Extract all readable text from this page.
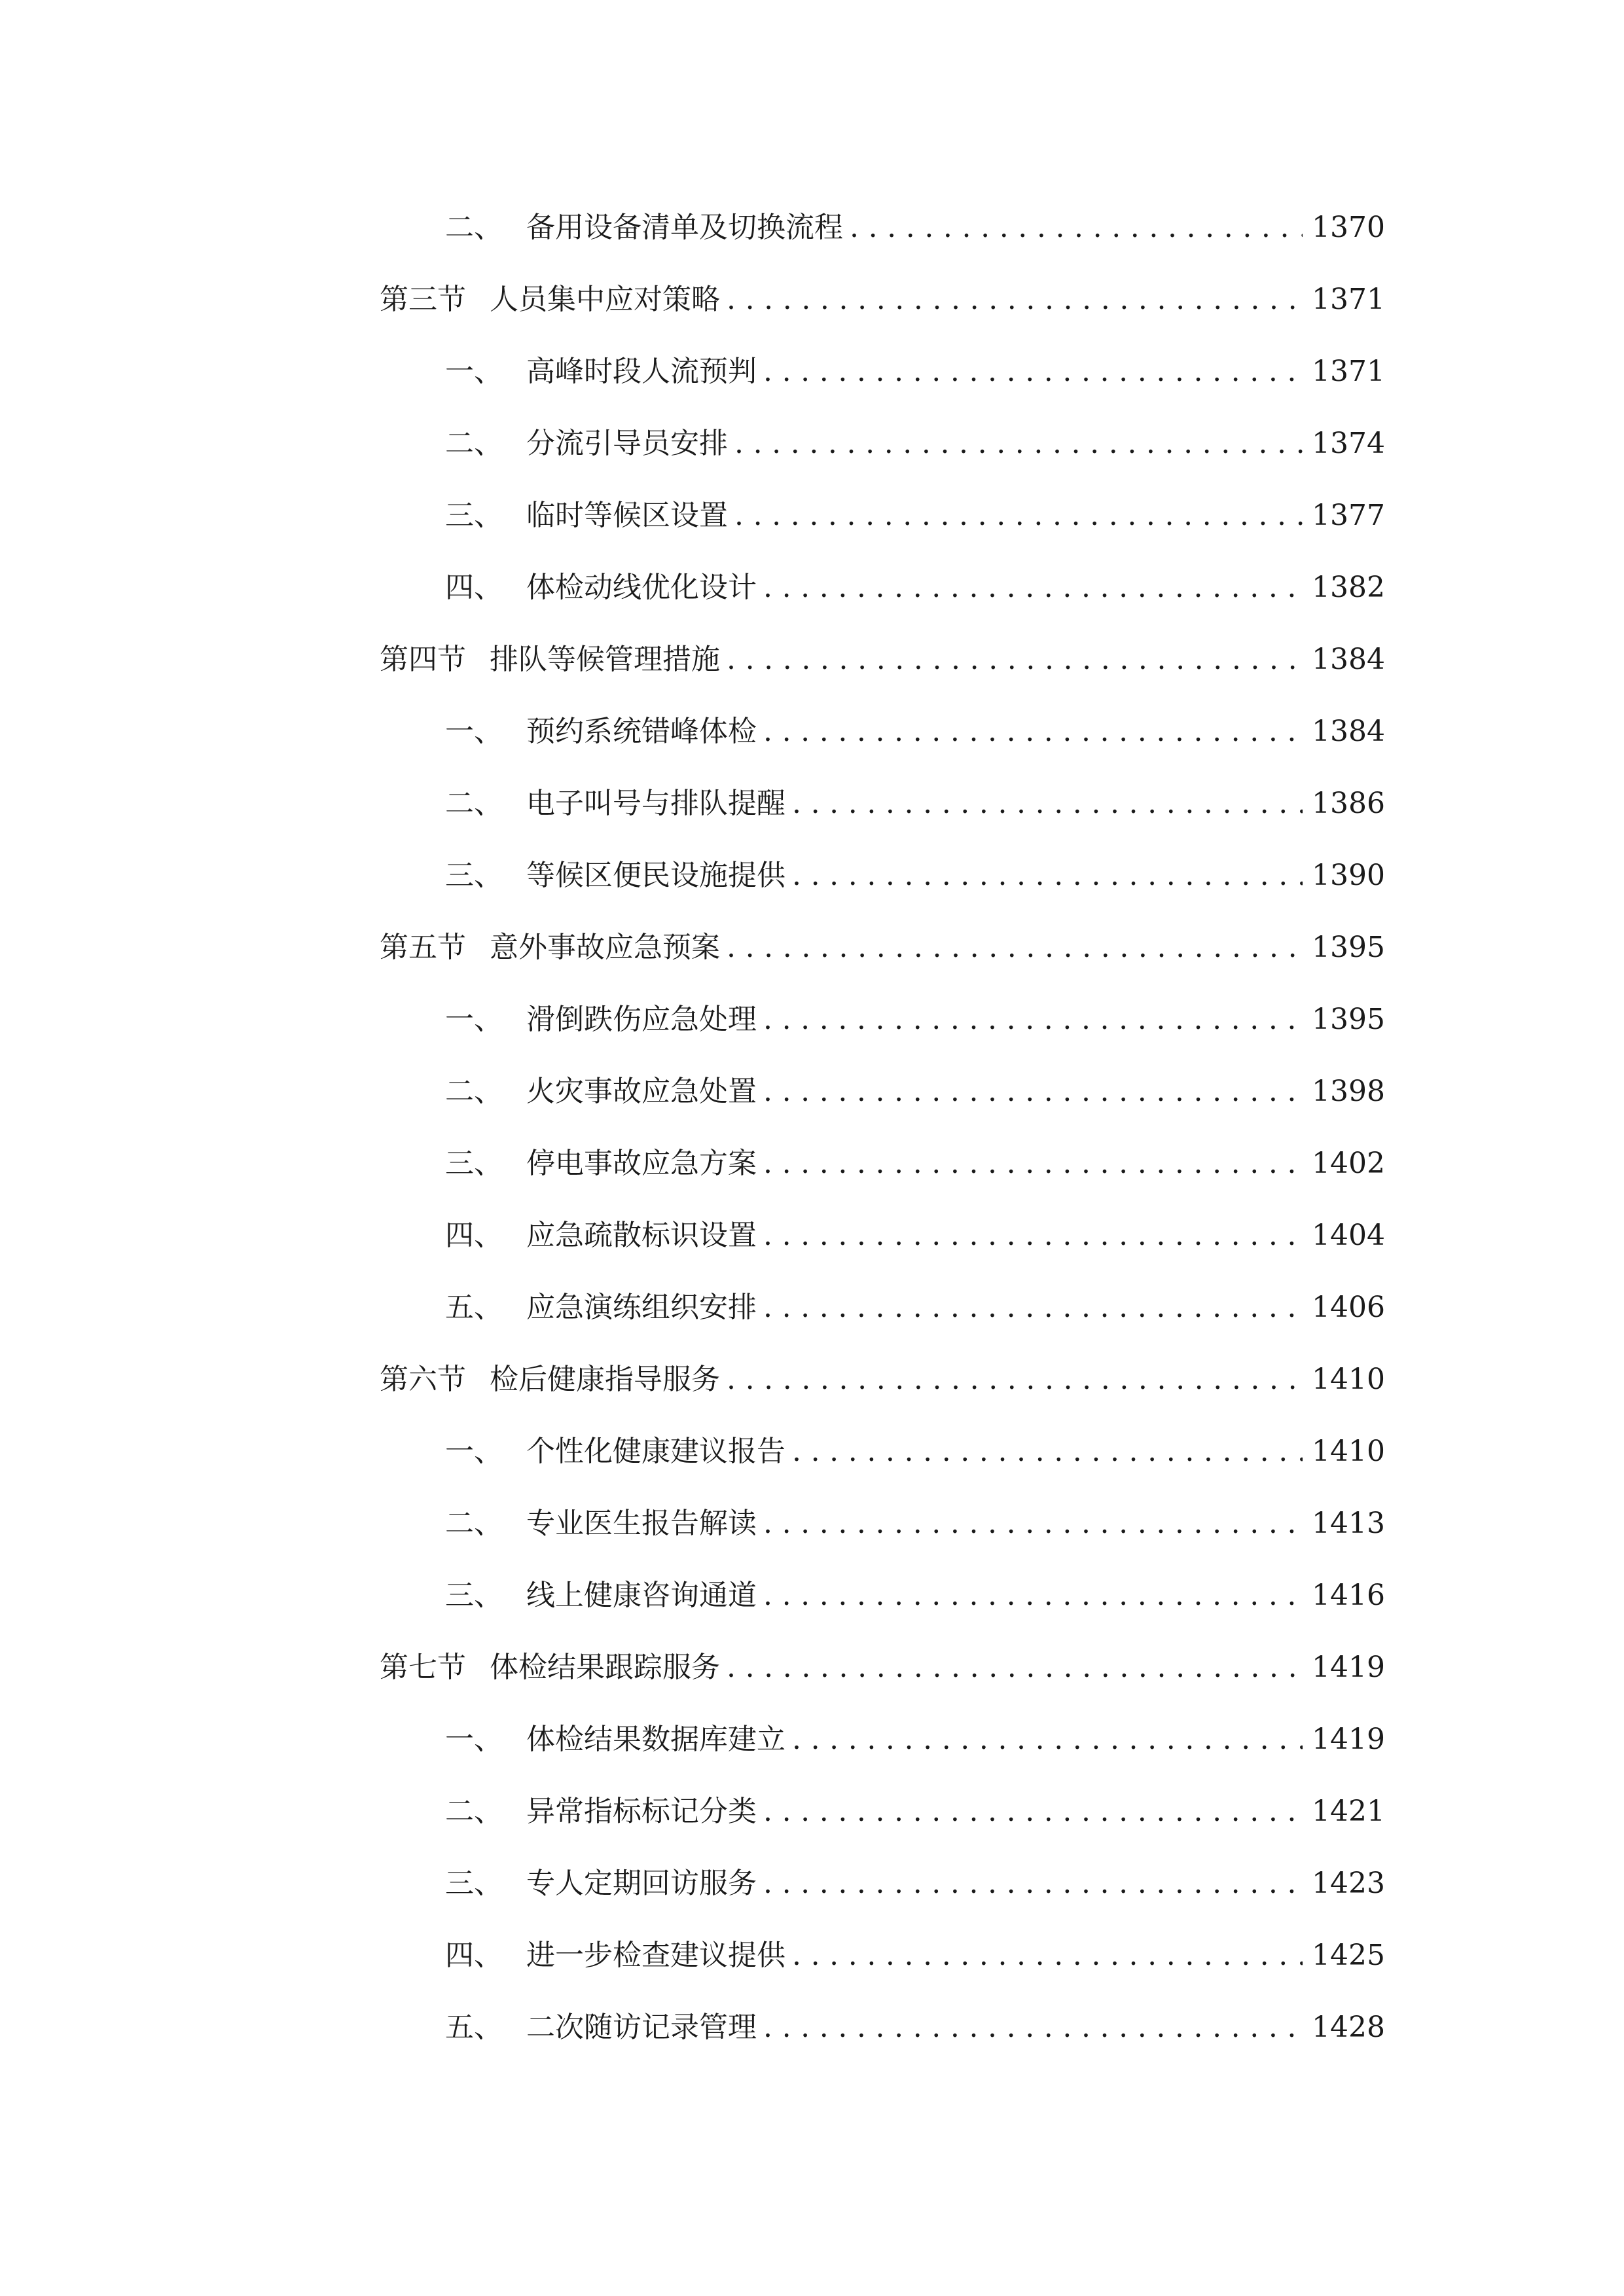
二、 备用设备清单及切换流程 .....	1370
第三节 人员集中应对策略 .....	1371
一、 高峰时段人流预判 .....	1371
二、 分流引导员安排 .....	1374
三、 临时等候区设置 .....	1377
四、 体检动线优化设计 .....	1382
第四节 排队等候管理措施 .....	1384
一、 预约系统错峰体检 .....	1384
二、 电子叫号与排队提醒 .....	1386
三、 等候区便民设施提供 .....	1390
第五节 意外事故应急预案 .....	1395
一、 滑倒跌伤应急处理 .....	1395
二、 火灾事故应急处置 .....	1398
三、 停电事故应急方案 .....	1402
四、 应急疏散标识设置 .....	1404
五、 应急演练组织安排 .....	1406
第六节 检后健康指导服务 .....	1410
一、 个性化健康建议报告 .....	1410
二、 专业医生报告解读 .....	1413
三、 线上健康咨询通道 .....	1416
第七节 体检结果跟踪服务 .....	1419
一、 体检结果数据库建立 .....	1419
二、 异常指标标记分类 .....	1421
三、 专人定期回访服务 .....	1423
四、 进一步检查建议提供 .....	1425
五、 二次随访记录管理 .....	1428
